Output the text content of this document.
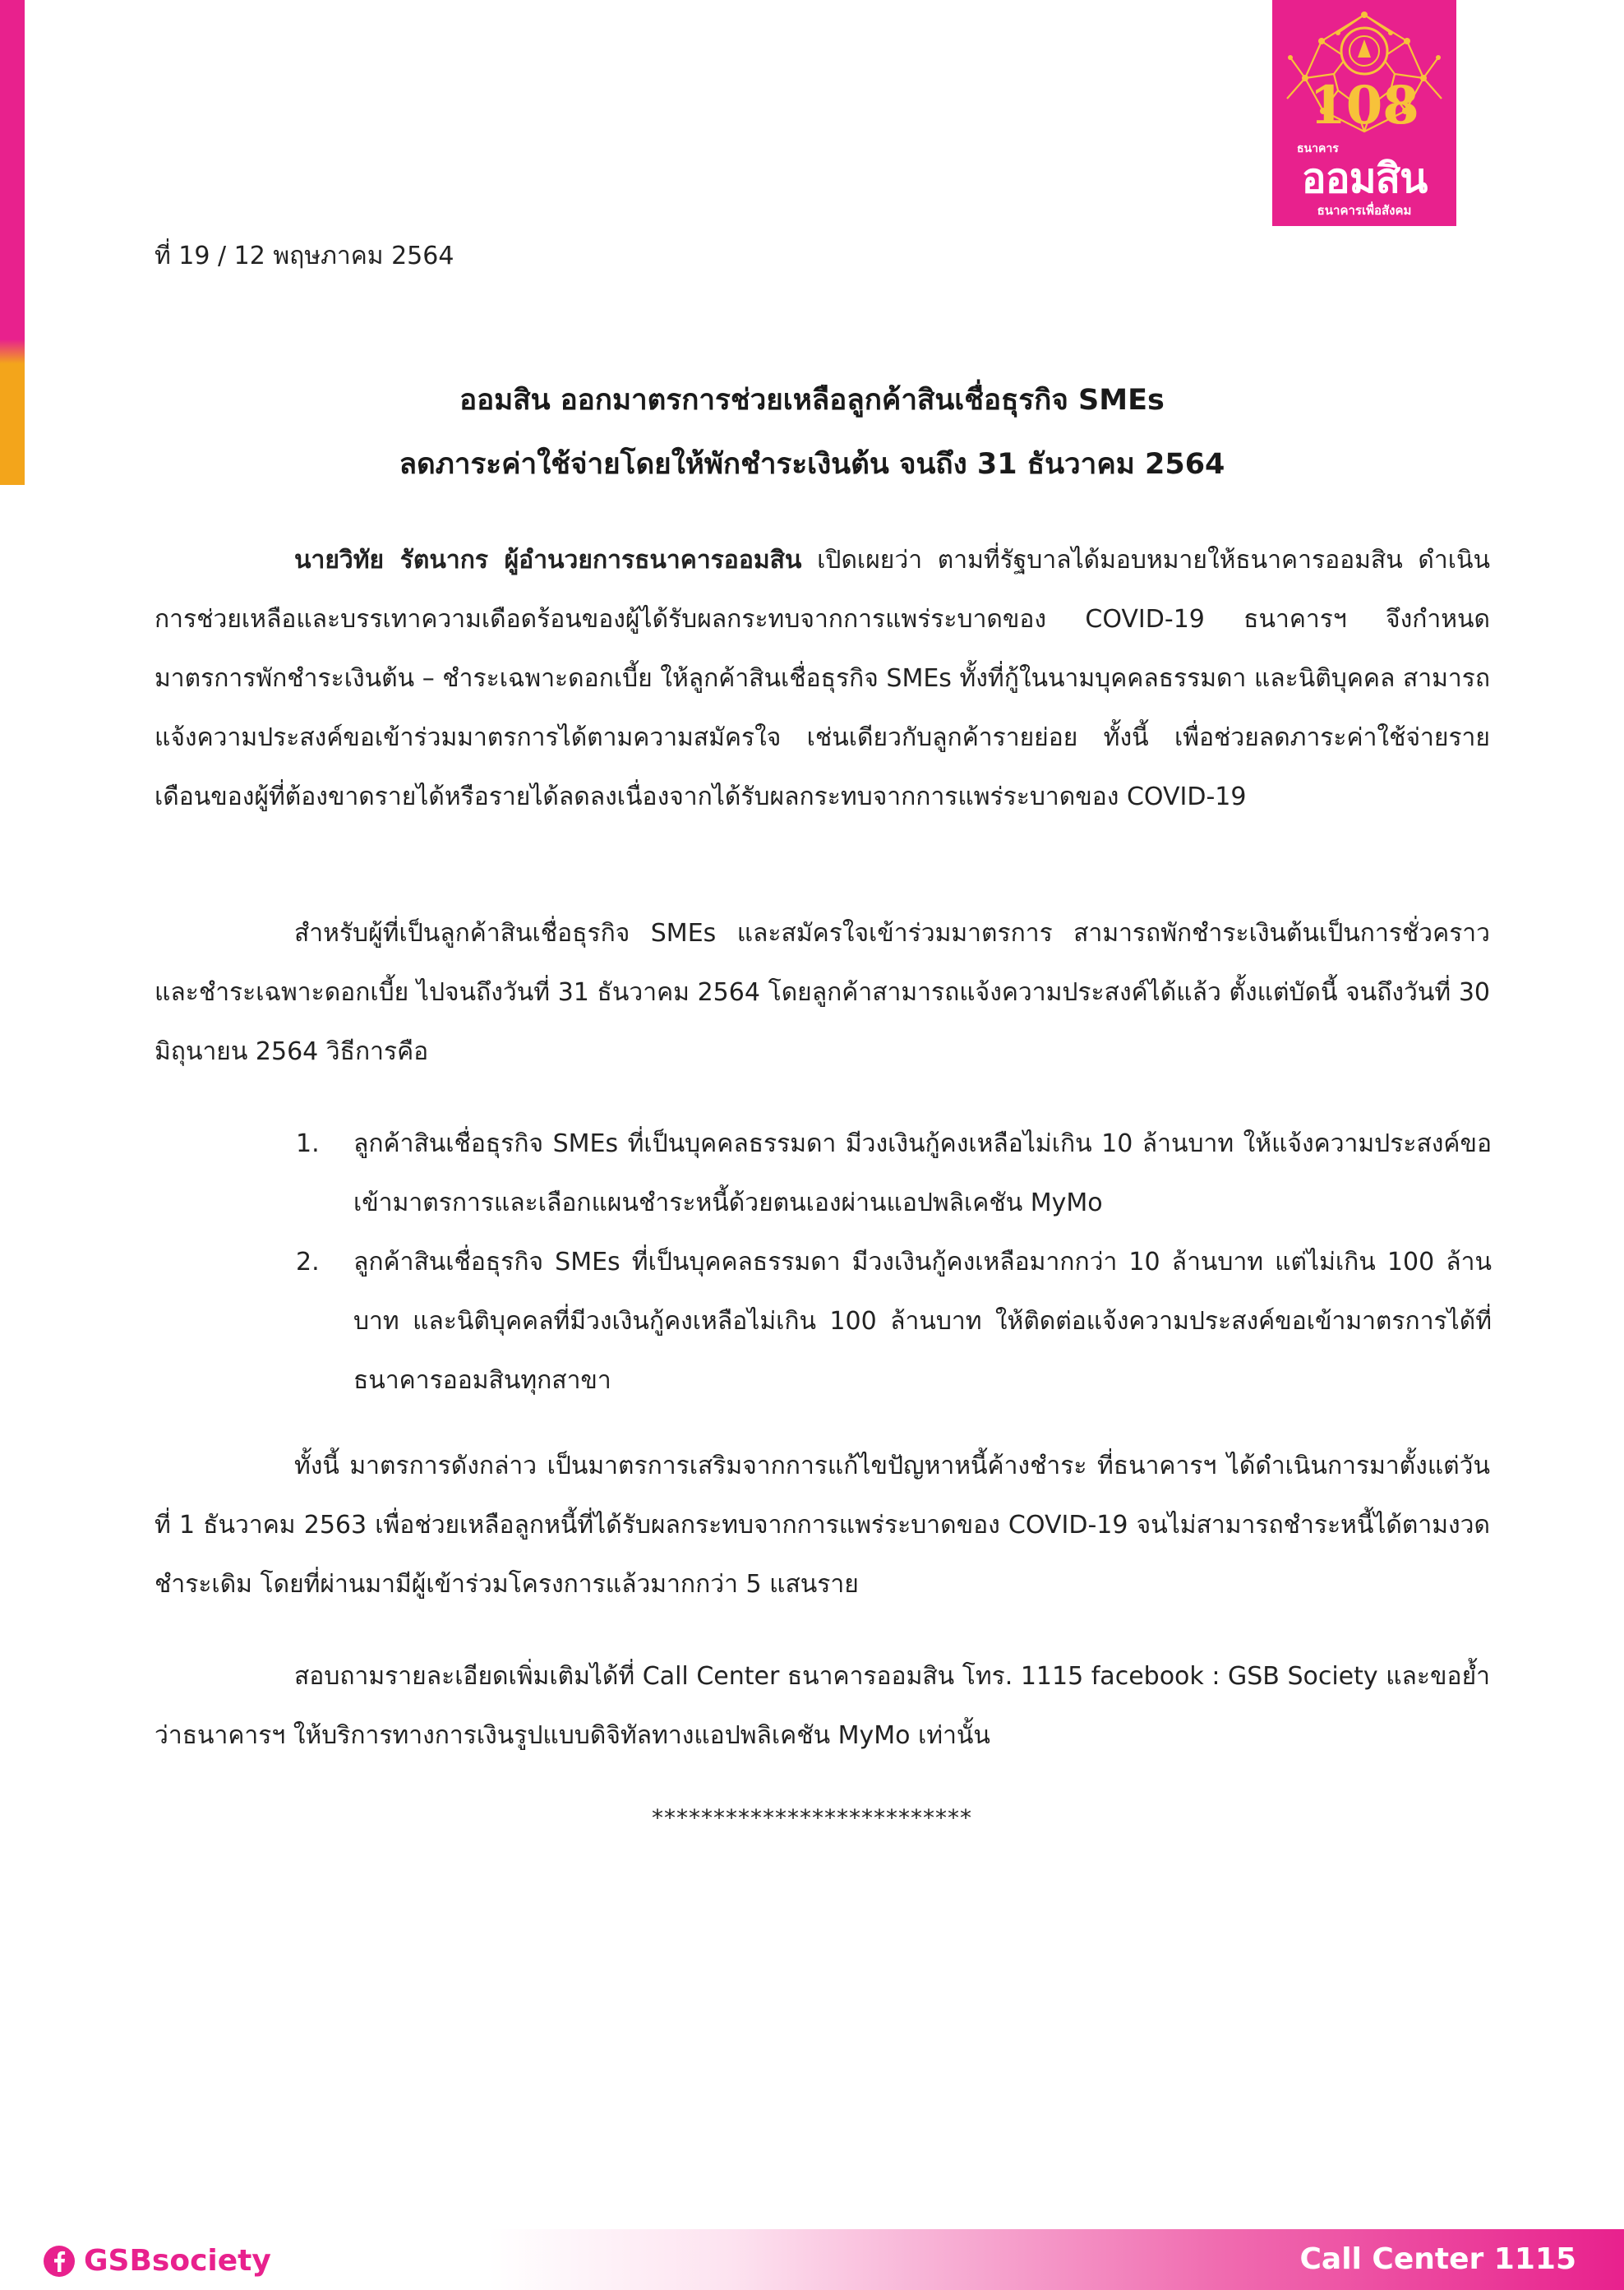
108
ธนาคาร
ออมสิน
ธนาคารเพื่อสังคม
ที่ 19 / 12 พฤษภาคม 2564
ออมสิน ออกมาตรการช่วยเหลือลูกค้าสินเชื่อธุรกิจ SMEs
ลดภาระค่าใช้จ่ายโดยให้พักชำระเงินต้น จนถึง 31 ธันวาคม 2564

นายวิทัย รัตนากร ผู้อำนวยการธนาคารออมสิน เปิดเผยว่า ตามที่รัฐบาลได้มอบหมายให้ธนาคารออมสิน ดำเนินการช่วยเหลือและบรรเทาความเดือดร้อนของผู้ได้รับผลกระทบจากการแพร่ระบาดของ COVID-19 ธนาคารฯ จึงกำหนดมาตรการพักชำระเงินต้น – ชำระเฉพาะดอกเบี้ย ให้ลูกค้าสินเชื่อธุรกิจ SMEs ทั้งที่กู้ในนามบุคคลธรรมดา และนิติบุคคล สามารถแจ้งความประสงค์ขอเข้าร่วมมาตรการได้ตามความสมัครใจ เช่นเดียวกับลูกค้ารายย่อย ทั้งนี้ เพื่อช่วยลดภาระค่าใช้จ่ายรายเดือนของผู้ที่ต้องขาดรายได้หรือรายได้ลดลงเนื่องจากได้รับผลกระทบจากการแพร่ระบาดของ COVID-19

สำหรับผู้ที่เป็นลูกค้าสินเชื่อธุรกิจ SMEs และสมัครใจเข้าร่วมมาตรการ สามารถพักชำระเงินต้นเป็นการชั่วคราว และชำระเฉพาะดอกเบี้ย ไปจนถึงวันที่ 31 ธันวาคม 2564 โดยลูกค้าสามารถแจ้งความประสงค์ได้แล้ว ตั้งแต่บัดนี้ จนถึงวันที่ 30 มิถุนายน 2564 วิธีการคือ

1. ลูกค้าสินเชื่อธุรกิจ SMEs ที่เป็นบุคคลธรรมดา มีวงเงินกู้คงเหลือไม่เกิน 10 ล้านบาท ให้แจ้งความประสงค์ขอเข้ามาตรการและเลือกแผนชำระหนี้ด้วยตนเองผ่านแอปพลิเคชัน MyMo
2. ลูกค้าสินเชื่อธุรกิจ SMEs ที่เป็นบุคคลธรรมดา มีวงเงินกู้คงเหลือมากกว่า 10 ล้านบาท แต่ไม่เกิน 100 ล้านบาท และนิติบุคคลที่มีวงเงินกู้คงเหลือไม่เกิน 100 ล้านบาท ให้ติดต่อแจ้งความประสงค์ขอเข้ามาตรการได้ที่ธนาคารออมสินทุกสาขา

ทั้งนี้ มาตรการดังกล่าว เป็นมาตรการเสริมจากการแก้ไขปัญหาหนี้ค้างชำระ ที่ธนาคารฯ ได้ดำเนินการมาตั้งแต่วันที่ 1 ธันวาคม 2563 เพื่อช่วยเหลือลูกหนี้ที่ได้รับผลกระทบจากการแพร่ระบาดของ COVID-19 จนไม่สามารถชำระหนี้ได้ตามงวดชำระเดิม โดยที่ผ่านมามีผู้เข้าร่วมโครงการแล้วมากกว่า 5 แสนราย

สอบถามรายละเอียดเพิ่มเติมได้ที่ Call Center ธนาคารออมสิน โทร. 1115 facebook : GSB Society และขอย้ำว่าธนาคารฯ ให้บริการทางการเงินรูปแบบดิจิทัลทางแอปพลิเคชัน MyMo เท่านั้น

**************************
GSBsociety	Call Center 1115
